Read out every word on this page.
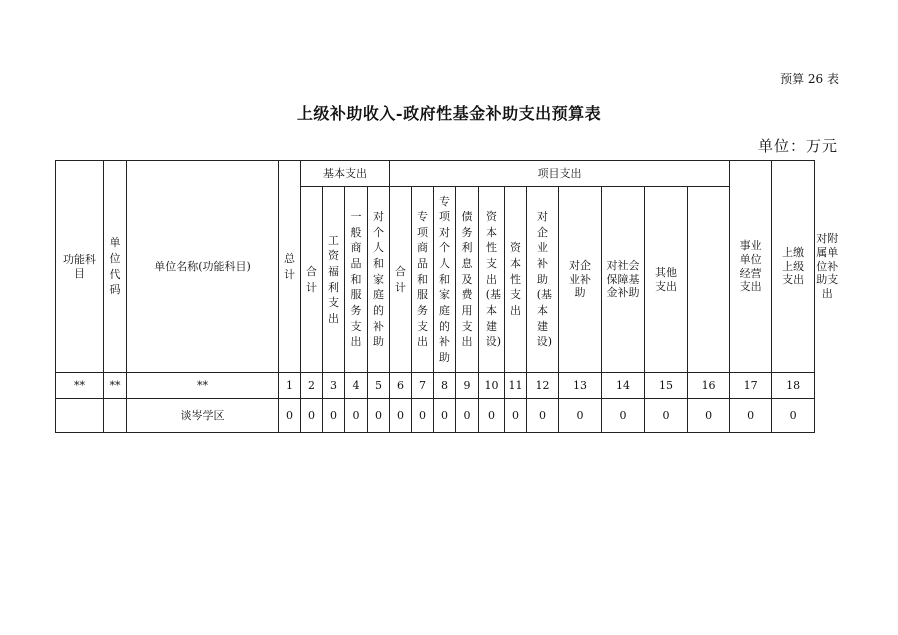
预算 26 表
上级补助收入-政府性基金补助支出预算表
单位：万元
功能科目	单位代码	单位名称(功能科目)	总计	基本支出				项目支出											事业单位经营支出	上缴上级支出	对附属单位补助支出
				合计	工资福利支出	一般商品和服务支出	对个人和家庭的补助	合计	专项商品和服务支出	专项对个人和家庭的补助	债务利息及费用支出	资本性支出(基本建设)	资本性支出	对企业补助(基本建设)	对企业补助	对社会保障基金补助	其他支出				
**	**	**	1	2	3	4	5	6	7	8	9	10	11	12	13	14	15	16	17	18	
		谈岑学区	0	0	0	0	0	0	0	0	0	0	0	0	0	0	0	0	0	0	
